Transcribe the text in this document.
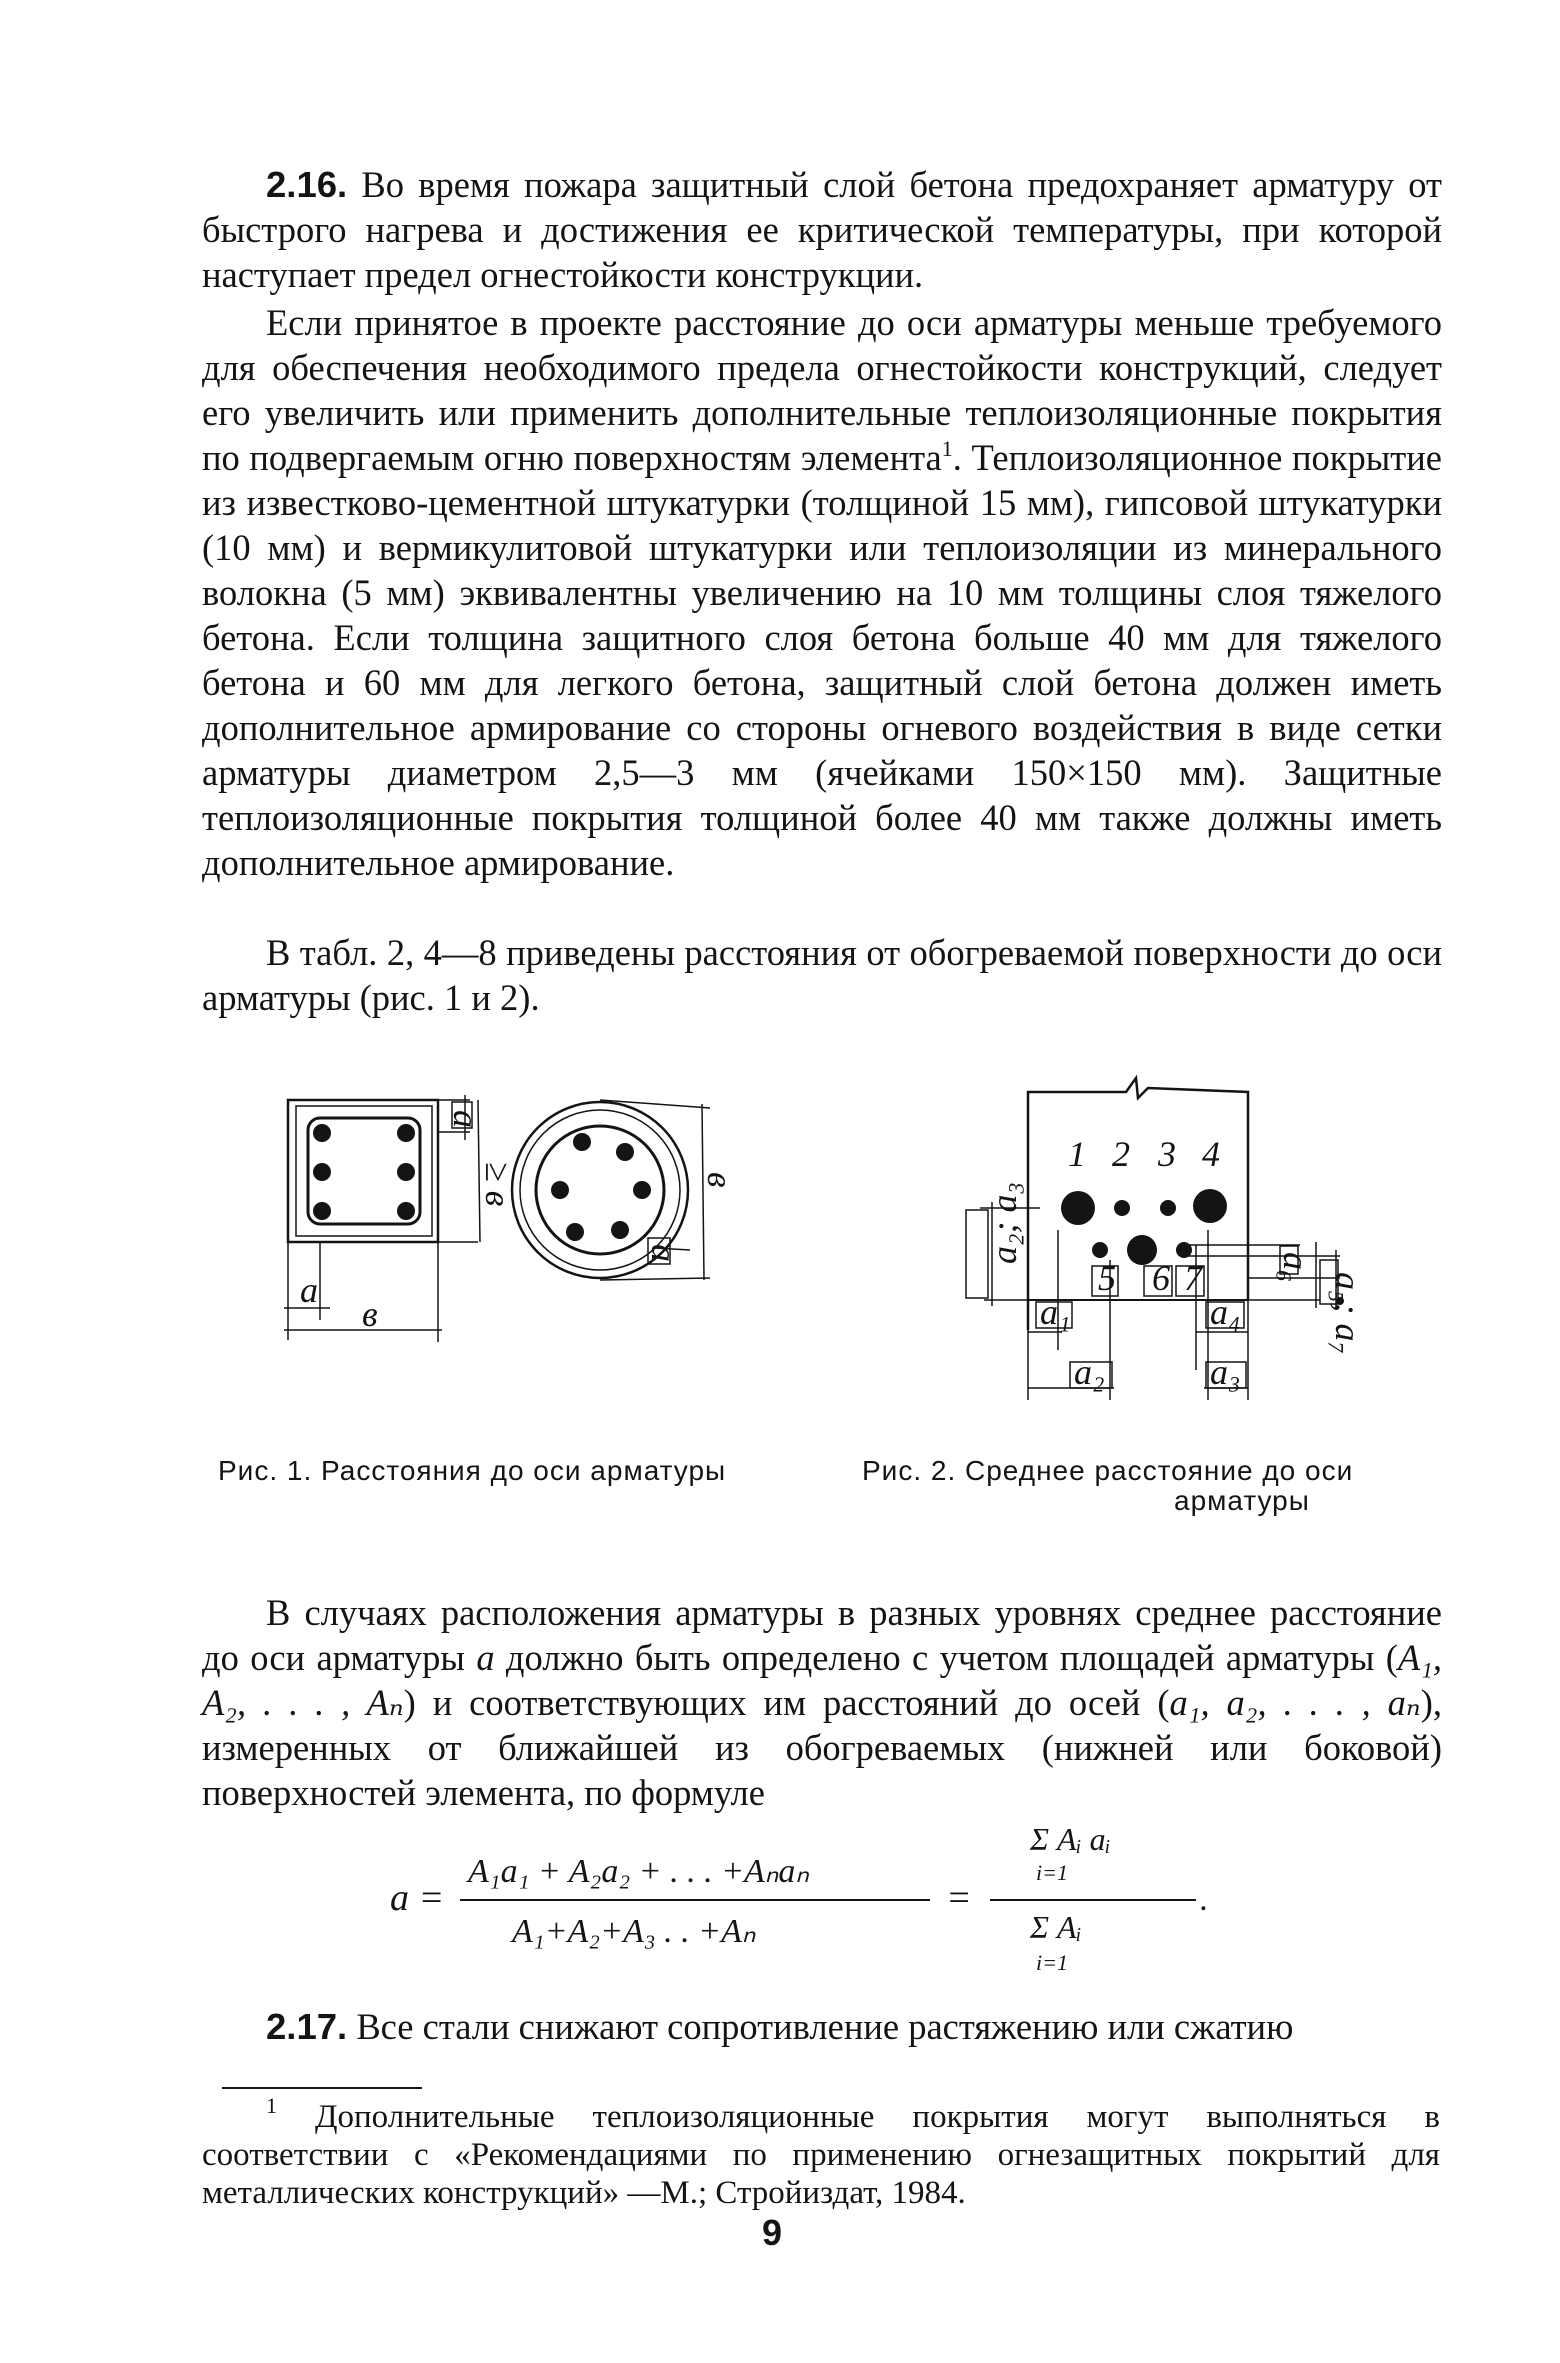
2.16. Во время пожара защитный слой бетона предохраняет арматуру от быстрого нагрева и достижения ее критической температуры, при которой наступает предел огнестойкости конструкции.

Если принятое в проекте расстояние до оси арматуры меньше требуемого для обеспечения необходимого предела огнестойкости конструкций, следует его увеличить или применить дополнительные теплоизоляционные покрытия по подвергаемым огню поверхностям элемента$^1$. Теплоизоляционное покрытие из известково-цементной штукатурки (толщиной 15 мм), гипсовой штукатурки (10 мм) и вермикулитовой штукатурки или теплоизоляции из минерального волокна (5 мм) эквивалентны увеличению на 10 мм толщины слоя тяжелого бетона. Если толщина защитного слоя бетона больше 40 мм для тяжелого бетона и 60 мм для легкого бетона, защитный слой бетона должен иметь дополнительное армирование со стороны огневого воздействия в виде сетки арматуры диаметром 2,5—3 мм (ячейками 150×150 мм). Защитные теплоизоляционные покрытия толщиной более 40 мм также должны иметь дополнительное армирование.

В табл. 2, 4—8 приведены расстояния от обогреваемой поверхности до оси арматуры (рис. 1 и 2).

a
≥ в
a
в
в
a
1 2 3 4
5 6 7
a₂; a₃
a₆
a₅; a₇
a₁	a₄
a₂	a₃
Рис. 1. Расстояния до оси арматуры	Рис. 2. Среднее расстояние до оси
арматуры

В случаях расположения арматуры в разных уровнях среднее расстояние до оси арматуры a должно быть определено с учетом площадей арматуры (A₁, A₂, . . . , Aₙ) и соответствующих им расстояний до осей (a₁, a₂, . . . , aₙ), измеренных от ближайшей из обогреваемых (нижней или боковой) поверхностей элемента, по формуле

a =
A₁a₁ + A₂a₂ + . . . +Aₙaₙ
A₁+A₂+A₃ . . +Aₙ
=
Σ Aᵢ aᵢ
i=1
Σ Aᵢ
i=1
.

2.17. Все стали снижают сопротивление растяжению или сжатию

$^1$ Дополнительные теплоизоляционные покрытия могут выполняться в соответствии с «Рекомендациями по применению огнезащитных покрытий для металлических конструкций» —М.; Стройиздат, 1984.

9
